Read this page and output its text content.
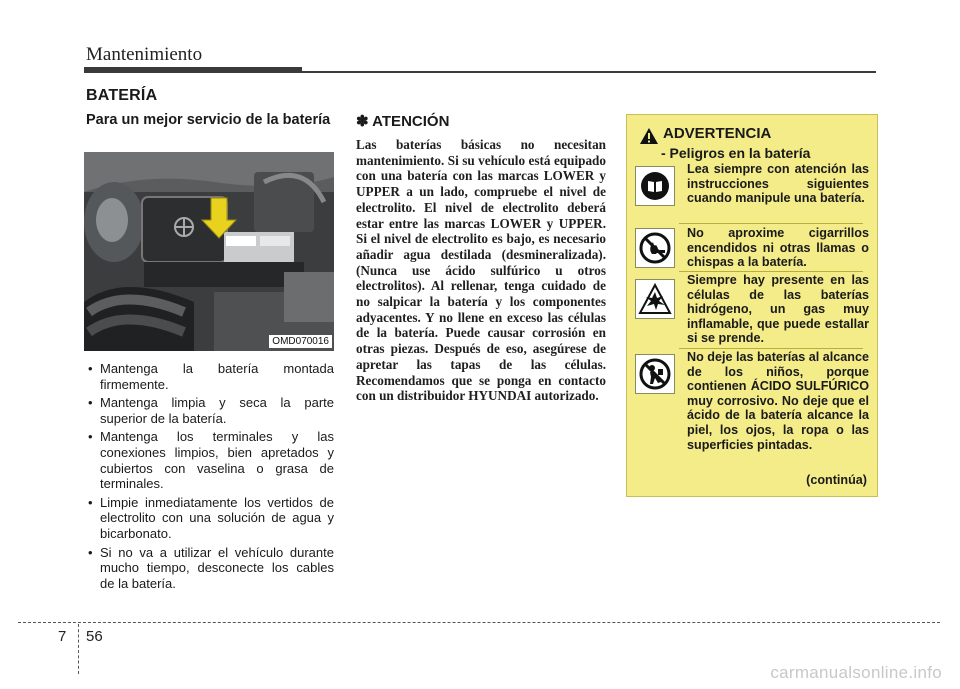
Mantenimiento
BATERÍA
Para un mejor servicio de la batería
OMD070016
• Mantenga la batería montada firmemente.
• Mantenga limpia y seca la parte superior de la batería.
• Mantenga los terminales y las conexiones limpios, bien apretados y cubiertos con vaselina o grasa de terminales.
• Limpie inmediatamente los vertidos de electrolito con una solución de agua y bicarbonato.
• Si no va a utilizar el vehículo durante mucho tiempo, desconecte los cables de la batería.
✽ ATENCIÓN
Las baterías básicas no necesitan mantenimiento. Si su vehículo está equipado con una batería con las marcas LOWER y UPPER a un lado, compruebe el nivel de electrolito. El nivel de electrolito deberá estar entre las marcas LOWER y UPPER. Si el nivel de electrolito es bajo, es necesario añadir agua destilada (desmineralizada). (Nunca use ácido sulfúrico u otros electrolitos). Al rellenar, tenga cuidado de no salpicar la batería y los componentes adyacentes. Y no llene en exceso las células de la batería. Puede causar corrosión en otras piezas. Después de eso, asegúrese de apretar las tapas de las células. Recomendamos que se ponga en contacto con un distribuidor HYUNDAI autorizado.
ADVERTENCIA
- Peligros en la batería
Lea siempre con atención las instrucciones siguientes cuando manipule una batería.
No aproxime cigarrillos encendidos ni otras llamas o chispas a la batería.
Siempre hay presente en las células de las baterías hidrógeno, un gas muy inflamable, que puede estallar si se prende.
No deje las baterías al alcance de los niños, porque contienen ÁCIDO SULFÚRICO muy corrosivo. No deje que el ácido de la batería alcance la piel, los ojos, la ropa o las superficies pintadas.
(continúa)
7 56
carmanualsonline.info
